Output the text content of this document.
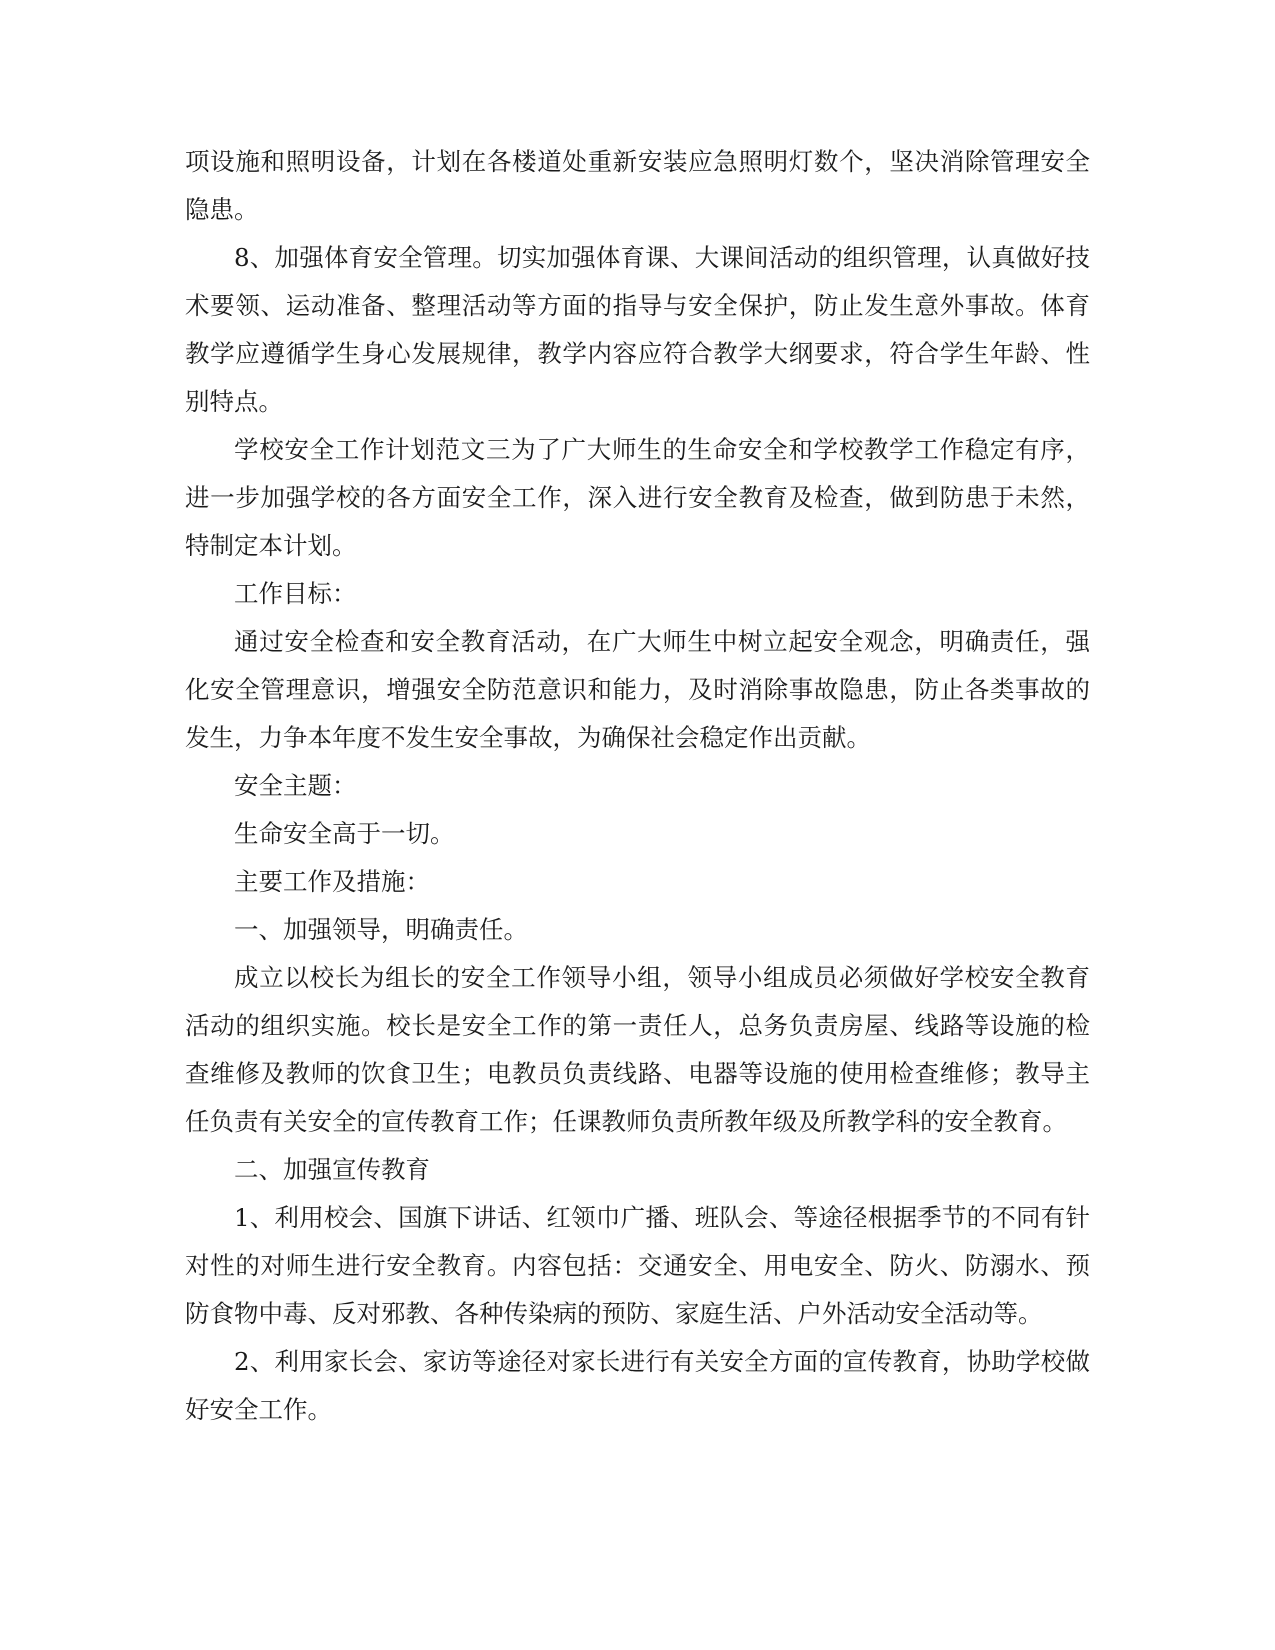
项设施和照明设备，计划在各楼道处重新安装应急照明灯数个，坚决消除管理安全隐患。

8、加强体育安全管理。切实加强体育课、大课间活动的组织管理，认真做好技术要领、运动准备、整理活动等方面的指导与安全保护，防止发生意外事故。体育教学应遵循学生身心发展规律，教学内容应符合教学大纲要求，符合学生年龄、性别特点。

学校安全工作计划范文三为了广大师生的生命安全和学校教学工作稳定有序，进一步加强学校的各方面安全工作，深入进行安全教育及检查，做到防患于未然，特制定本计划。

工作目标：

通过安全检查和安全教育活动，在广大师生中树立起安全观念，明确责任，强化安全管理意识，增强安全防范意识和能力，及时消除事故隐患，防止各类事故的发生，力争本年度不发生安全事故，为确保社会稳定作出贡献。

安全主题：

生命安全高于一切。

主要工作及措施：

一、加强领导，明确责任。

成立以校长为组长的安全工作领导小组，领导小组成员必须做好学校安全教育活动的组织实施。校长是安全工作的第一责任人，总务负责房屋、线路等设施的检查维修及教师的饮食卫生；电教员负责线路、电器等设施的使用检查维修；教导主任负责有关安全的宣传教育工作；任课教师负责所教年级及所教学科的安全教育。

二、加强宣传教育

1、利用校会、国旗下讲话、红领巾广播、班队会、等途径根据季节的不同有针对性的对师生进行安全教育。内容包括：交通安全、用电安全、防火、防溺水、预防食物中毒、反对邪教、各种传染病的预防、家庭生活、户外活动安全活动等。

2、利用家长会、家访等途径对家长进行有关安全方面的宣传教育，协助学校做好安全工作。
